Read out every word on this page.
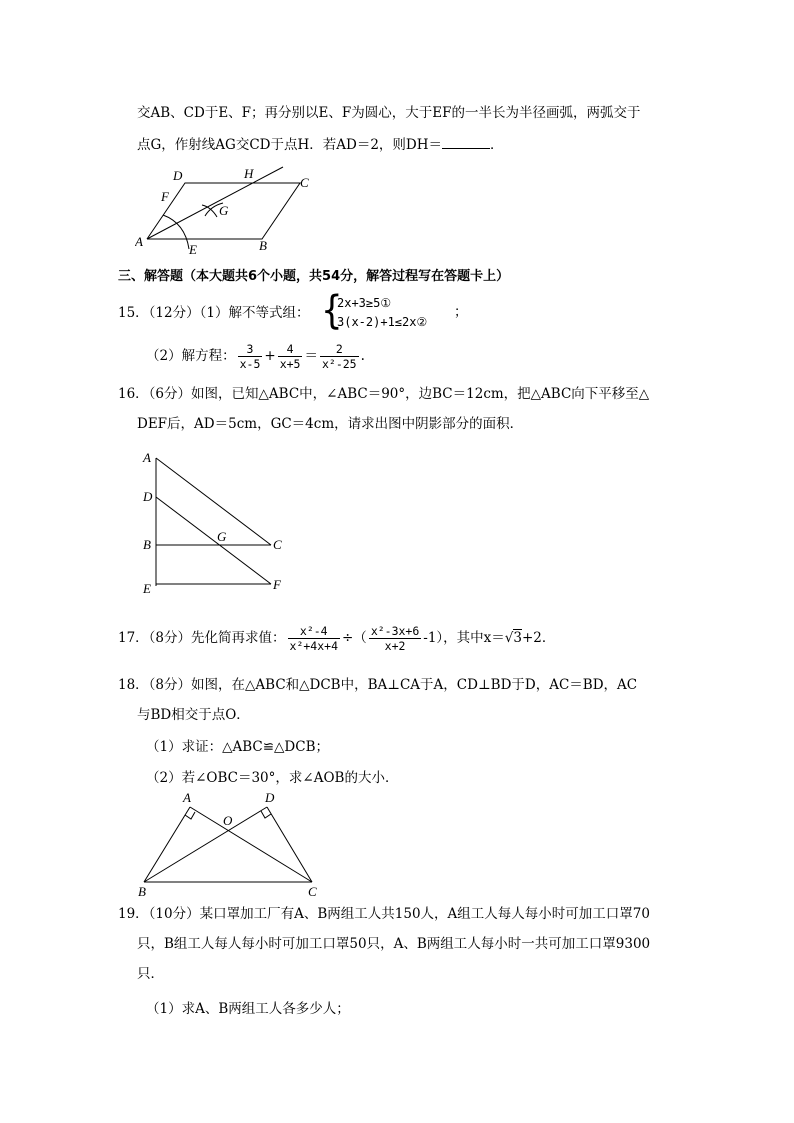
交AB、CD于E、F；再分别以E、F为圆心，大于EF的一半长为半径画弧，两弧交于
点G，作射线AG交CD于点H．若AD＝2，则DH＝	．
D	H
C
F
G
A
E	B
三、解答题（本大题共6个小题，共54分，解答过程写在答题卡上）
15．（12分）（1）解不等式组： {
2x+3≥5①
3(x-2)+1≤2x②
；
（2）解方程： $\frac{3}{x-5} + \frac{4}{x+5} = \frac{2}{\text{x²-25}}$ .
16．（6分）如图，已知△ABC中，∠ABC＝90°，边BC＝12cm，把△ABC向下平移至△
DEF后，AD＝5cm，GC＝4cm，请求出图中阴影部分的面积．
A
D
B
G
C
E	F
17．（8分）先化简再求值： $\frac{\text{x²-4}}{\text{x²+4x+4}}$ ÷（ $\frac{\text{x²-3x+6}}{x+2} -1$），其中x＝√3+2．
18．（8分）如图，在△ABC和△DCB中，BA⊥CA于A，CD⊥BD于D，AC＝BD，AC
与BD相交于点O．
（1）求证：△ABC≌△DCB；
（2）若∠OBC＝30°，求∠AOB的大小．
A	D
O
B	C
19．（10分）某口罩加工厂有A、B两组工人共150人，A组工人每人每小时可加工口罩70
只，B组工人每人每小时可加工口罩50只，A、B两组工人每小时一共可加工口罩9300
只．
（1）求A、B两组工人各多少人；
